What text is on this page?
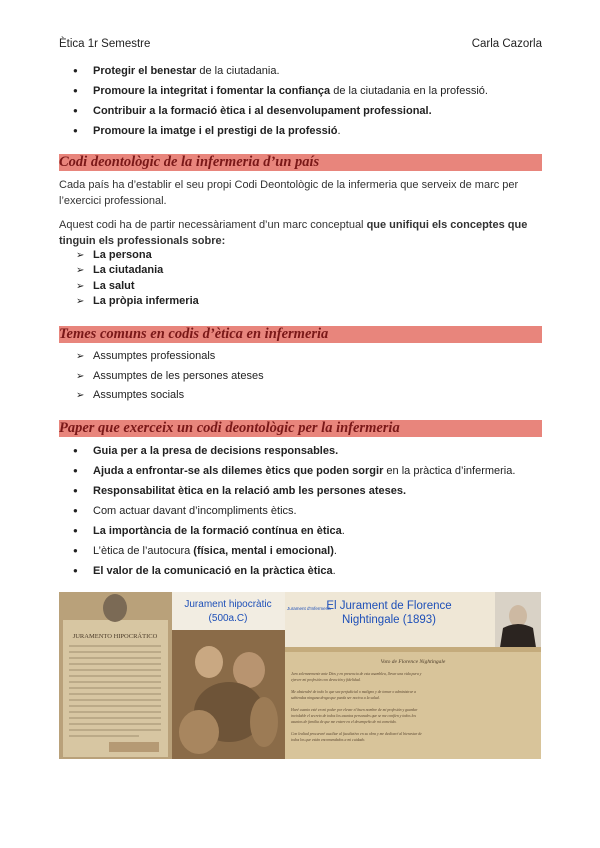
Ètica 1r Semestre	Carla Cazorla
● Protegir el benestar de la ciutadania.
● Promoure la integritat i fomentar la confiança de la ciutadania en la professió.
● Contribuir a la formació ètica i al desenvolupament professional.
● Promoure la imatge i el prestigi de la professió.
Codi deontològic de la infermeria d’un país

Cada país ha d’establir el seu propi Codi Deontològic de la infermeria que serveix de marc per l’exercici professional.

Aquest codi ha de partir necessàriament d’un marc conceptual que unifiqui els conceptes que tinguin els professionals sobre:

➢ La persona
➢ La ciutadania
➢ La salut
➢ La pròpia infermeria
Temes comuns en codis d’ètica en infermeria
➢ Assumptes professionals
➢ Assumptes de les persones ateses
➢ Assumptes socials
Paper que exerceix un codi deontològic per la infermeria
● Guia per a la presa de decisions responsables.
● Ajuda a enfrontar-se als dilemes ètics que poden sorgir en la pràctica d’infermeria.
● Responsabilitat ètica en la relació amb les persones ateses.
● Com actuar davant d’incompliments ètics.
● La importància de la formació contínua en ètica.
● L’ètica de l’autocura (física, mental i emocional).
● El valor de la comunicació en la pràctica ètica.
JURAMENTO HIPOCRÁTICO
Jurament hipocràtic
(500a.C)
Jurament d'Infermeria
El Jurament de Florence
Nightingale (1893)
Voto de Florence Nightingale
Juro solemnemente ante Dios y en presencia de esta asamblea, llevar una vida pura y
ejercer mi profesión con devoción y fidelidad.
Me abstendré de todo lo que sea perjudicial o maligno y de tomar o administrar a
sabiendas ninguna droga que pueda ser nociva a la salud.
Haré cuanto esté en mi poder por elevar el buen nombre de mi profesión y guardar
inviolable el secreto de todos los asuntos personales que se me confíen y todos los
asuntos de familia de que me entere en el desempeño de mi cometido.
Con lealtad procuraré auxiliar al facultativo en su obra y me dedicaré al bienestar de
todos los que están encomendados a mi cuidado.
